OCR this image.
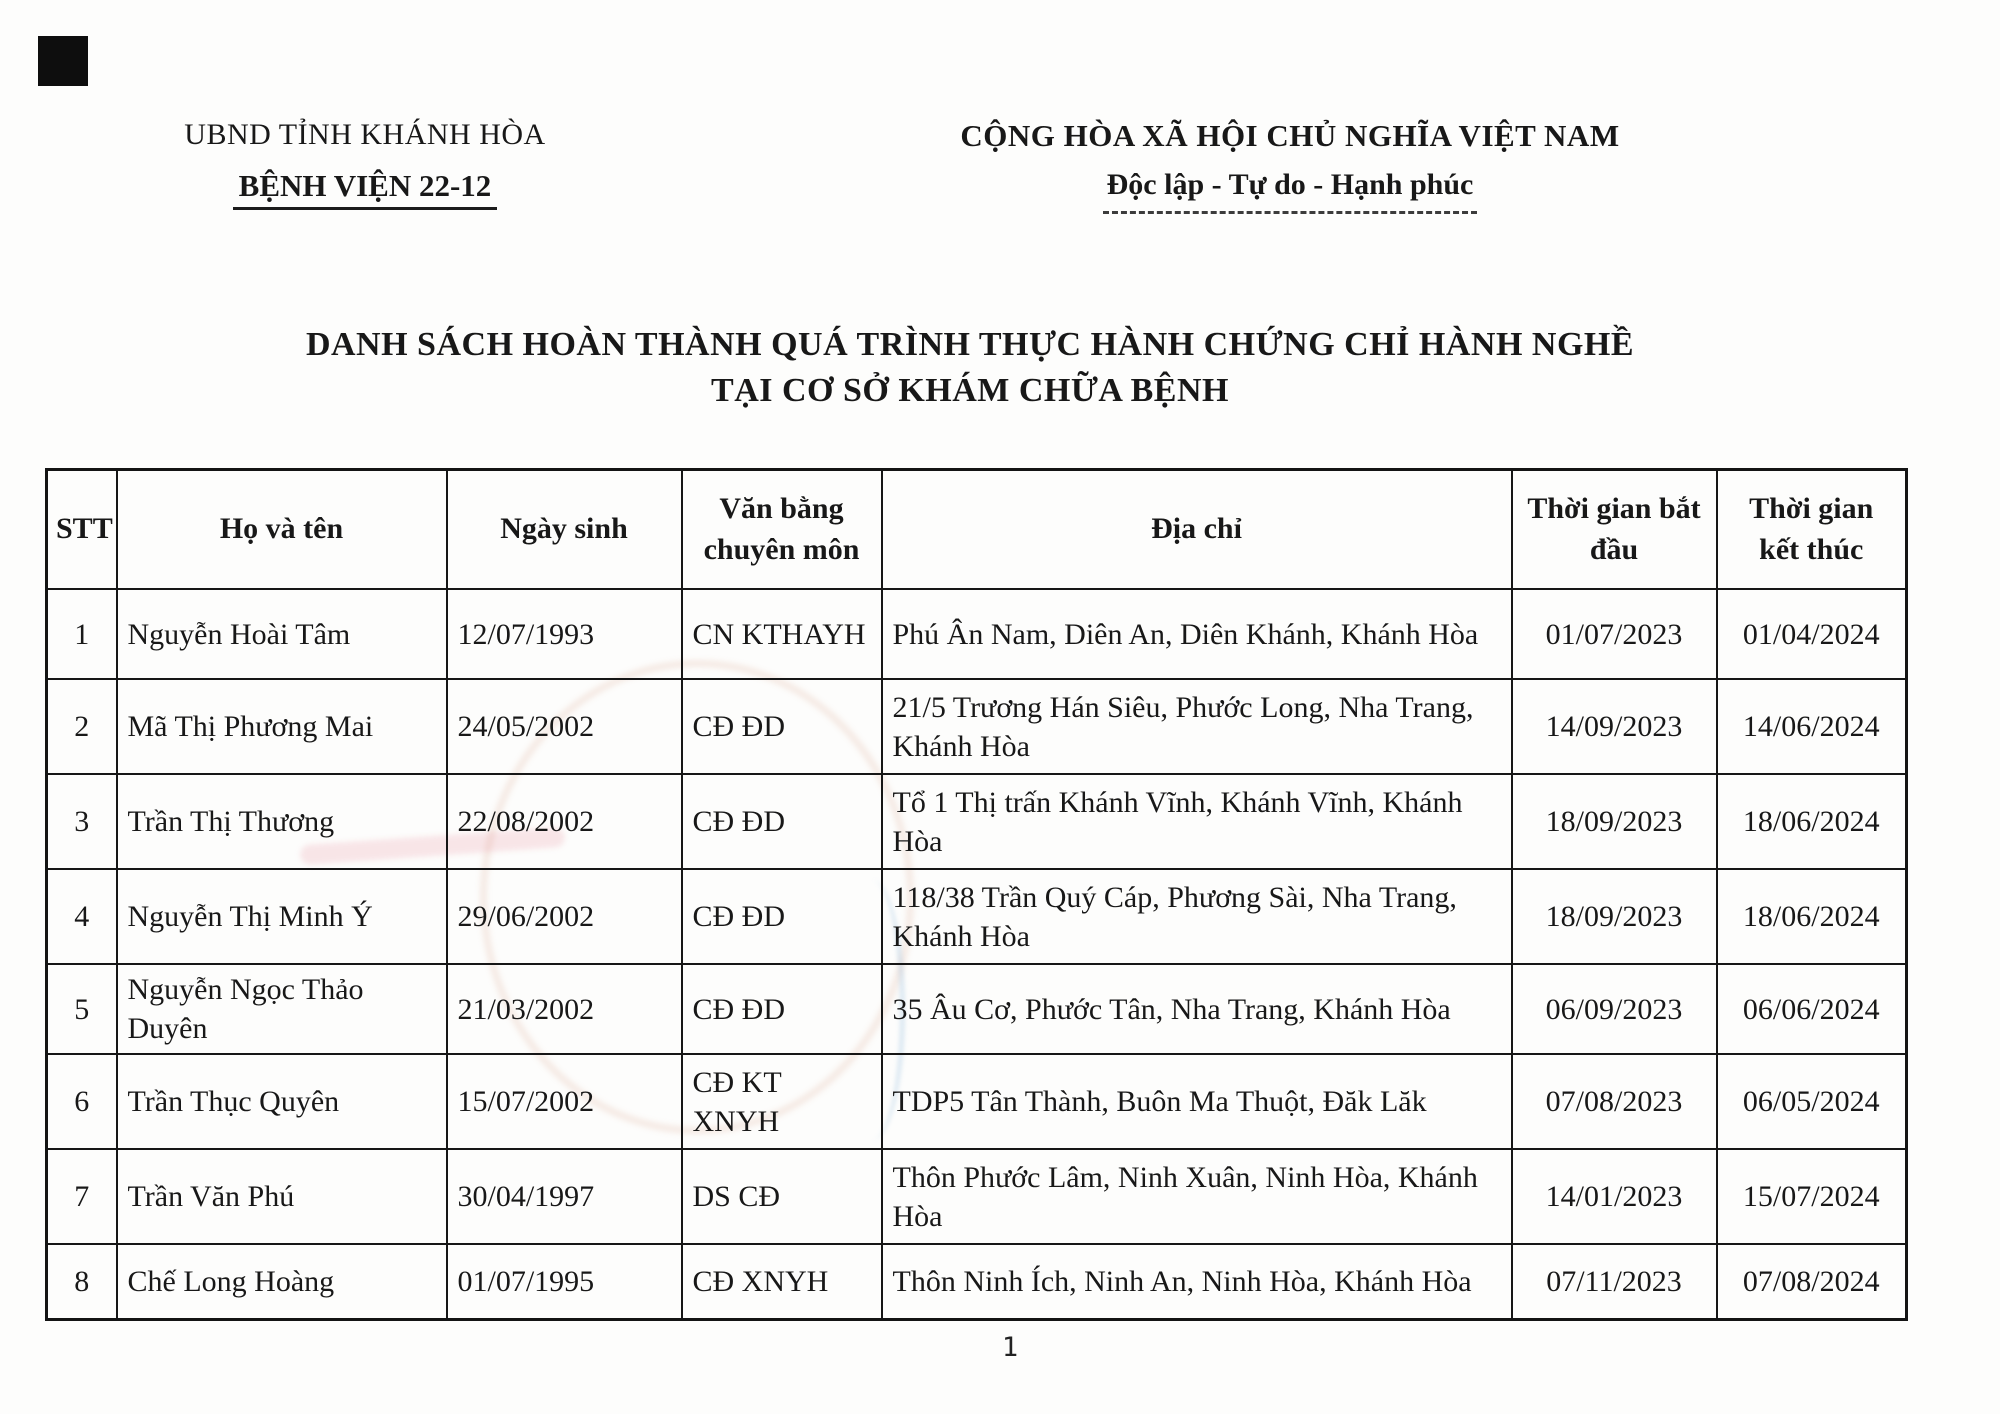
UBND TỈNH KHÁNH HÒA
BỆNH VIỆN 22-12
CỘNG HÒA XÃ HỘI CHỦ NGHĨA VIỆT NAM
Độc lập - Tự do - Hạnh phúc
DANH SÁCH HOÀN THÀNH QUÁ TRÌNH THỰC HÀNH CHỨNG CHỈ HÀNH NGHỀ
TẠI CƠ SỞ KHÁM CHỮA BỆNH
STT	Họ và tên	Ngày sinh	Văn bằng chuyên môn	Địa chỉ	Thời gian bắt đầu	Thời gian kết thúc
1	Nguyễn Hoài Tâm	12/07/1993	CN KTHAYH	Phú Ân Nam, Diên An, Diên Khánh, Khánh Hòa	01/07/2023	01/04/2024
2	Mã Thị Phương Mai	24/05/2002	CĐ ĐD	21/5 Trương Hán Siêu, Phước Long, Nha Trang, Khánh Hòa	14/09/2023	14/06/2024
3	Trần Thị Thương	22/08/2002	CĐ ĐD	Tổ 1 Thị trấn Khánh Vĩnh, Khánh Vĩnh, Khánh Hòa	18/09/2023	18/06/2024
4	Nguyễn Thị Minh Ý	29/06/2002	CĐ ĐD	118/38 Trần Quý Cáp, Phương Sài, Nha Trang, Khánh Hòa	18/09/2023	18/06/2024
5	Nguyễn Ngọc Thảo Duyên	21/03/2002	CĐ ĐD	35 Âu Cơ, Phước Tân, Nha Trang, Khánh Hòa	06/09/2023	06/06/2024
6	Trần Thục Quyên	15/07/2002	CĐ KT XNYH	TDP5 Tân Thành, Buôn Ma Thuột, Đăk Lăk	07/08/2023	06/05/2024
7	Trần Văn Phú	30/04/1997	DS CĐ	Thôn Phước Lâm, Ninh Xuân, Ninh Hòa, Khánh Hòa	14/01/2023	15/07/2024
8	Chế Long Hoàng	01/07/1995	CĐ XNYH	Thôn Ninh Ích, Ninh An, Ninh Hòa, Khánh Hòa	07/11/2023	07/08/2024
1
